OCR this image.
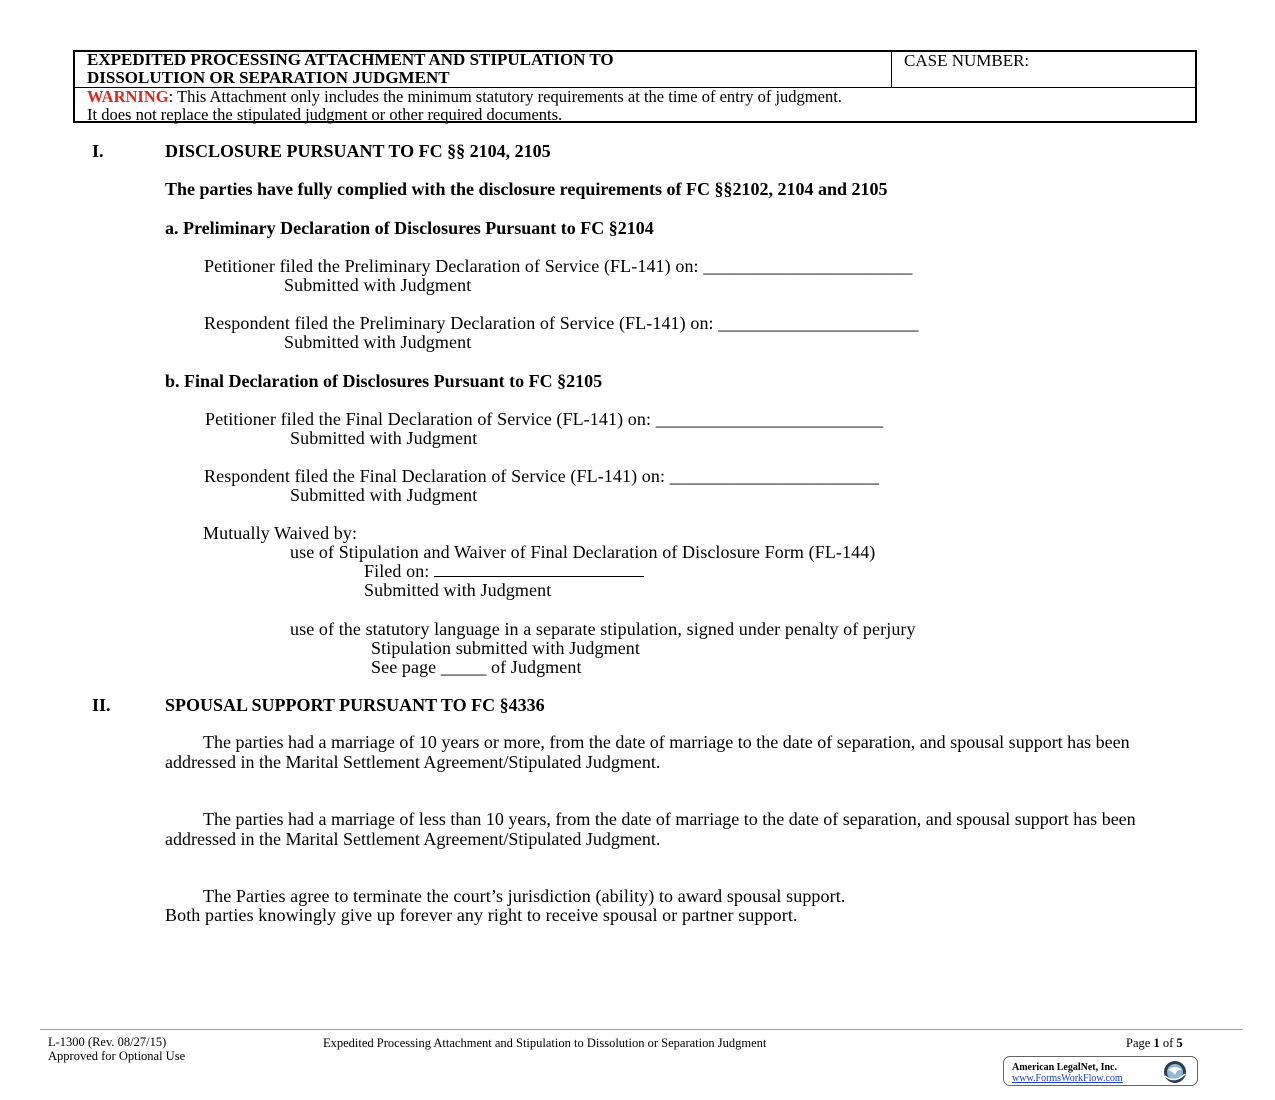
EXPEDITED PROCESSING ATTACHMENT AND STIPULATION TO
DISSOLUTION OR SEPARATION JUDGMENT
CASE NUMBER:
WARNING: This Attachment only includes the minimum statutory requirements at the time of entry of judgment.
It does not replace the stipulated judgment or other required documents.
I.	DISCLOSURE PURSUANT TO FC §§ 2104, 2105
The parties have fully complied with the disclosure requirements of FC §§2102, 2104 and 2105
a. Preliminary Declaration of Disclosures Pursuant to FC §2104
Petitioner filed the Preliminary Declaration of Service (FL-141) on: _______________________
Submitted with Judgment
Respondent filed the Preliminary Declaration of Service (FL-141) on: ______________________
Submitted with Judgment
b. Final Declaration of Disclosures Pursuant to FC §2105
Petitioner filed the Final Declaration of Service (FL-141) on: _________________________
Submitted with Judgment
Respondent filed the Final Declaration of Service (FL-141) on: _______________________
Submitted with Judgment
Mutually Waived by:
use of Stipulation and Waiver of Final Declaration of Disclosure Form (FL-144)
Filed on:
Submitted with Judgment
use of the statutory language in a separate stipulation, signed under penalty of perjury
Stipulation submitted with Judgment
See page _____ of Judgment
II.	SPOUSAL SUPPORT PURSUANT TO FC §4336
The parties had a marriage of 10 years or more, from the date of marriage to the date of separation, and spousal support has been addressed in the Marital Settlement Agreement/Stipulated Judgment.
The parties had a marriage of less than 10 years, from the date of marriage to the date of separation, and spousal support has been addressed in the Marital Settlement Agreement/Stipulated Judgment.
The Parties agree to terminate the court’s jurisdiction (ability) to award spousal support.
Both parties knowingly give up forever any right to receive spousal or partner support.
L-1300 (Rev. 08/27/15)
Approved for Optional Use
Expedited Processing Attachment and Stipulation to Dissolution or Separation Judgment	Page 1 of 5
American LegalNet, Inc.
www.FormsWorkFlow.com
